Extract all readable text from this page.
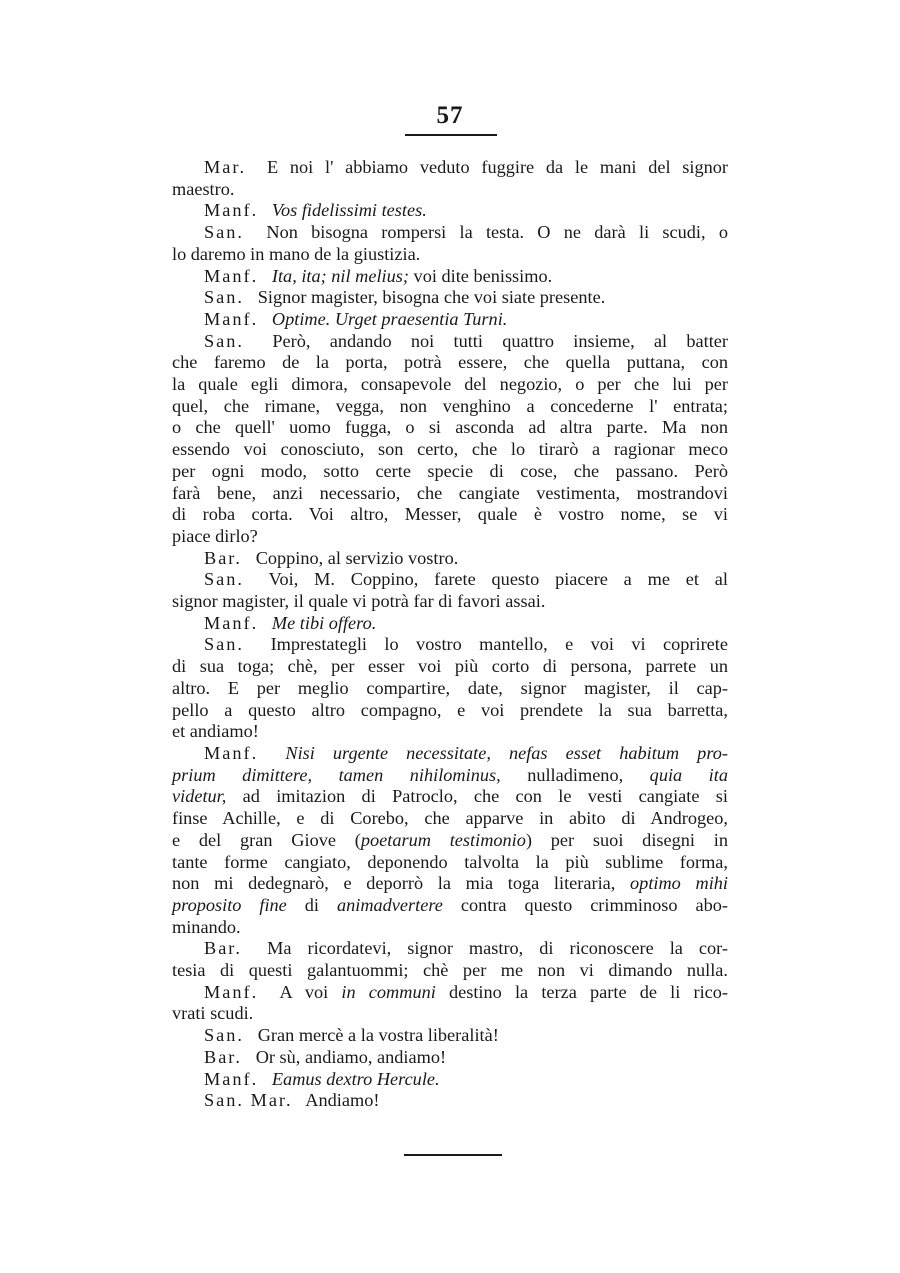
57
Mar.  E noi l' abbiamo veduto fuggire da le mani del signor
maestro.
Manf.  Vos fidelissimi testes.
San.  Non bisogna rompersi la testa. O ne darà li scudi, o
lo daremo in mano de la giustizia.
Manf.  Ita, ita; nil melius; voi dite benissimo.
San.  Signor magister, bisogna che voi siate presente.
Manf.  Optime. Urget praesentia Turni.
San.  Però, andando noi tutti quattro insieme, al batter
che faremo de la porta, potrà essere, che quella puttana, con
la quale egli dimora, consapevole del negozio, o per che lui per
quel, che rimane, vegga, non venghino a concederne l' entrata;
o che quell' uomo fugga, o si asconda ad altra parte. Ma non
essendo voi conosciuto, son certo, che lo tirarò a ragionar meco
per ogni modo, sotto certe specie di cose, che passano. Però
farà bene, anzi necessario, che cangiate vestimenta, mostrandovi
di roba corta. Voi altro, Messer, quale è vostro nome, se vi
piace dirlo?
Bar.  Coppino, al servizio vostro.
San.  Voi, M. Coppino, farete questo piacere a me et al
signor magister, il quale vi potrà far di favori assai.
Manf.  Me tibi offero.
San.  Imprestategli lo vostro mantello, e voi vi coprirete
di sua toga; chè, per esser voi più corto di persona, parrete un
altro. E per meglio compartire, date, signor magister, il cap-
pello a questo altro compagno, e voi prendete la sua barretta,
et andiamo!
Manf.  Nisi urgente necessitate, nefas esset habitum pro-
prium dimittere, tamen nihilominus, nulladimeno, quia ita
videtur, ad imitazion di Patroclo, che con le vesti cangiate si
finse Achille, e di Corebo, che apparve in abito di Androgeo,
e del gran Giove (poetarum testimonio) per suoi disegni in
tante forme cangiato, deponendo talvolta la più sublime forma,
non mi dedegnarò, e deporrò la mia toga literaria, optimo mihi
proposito fine di animadvertere contra questo crimminoso abo-
minando.
Bar.  Ma ricordatevi, signor mastro, di riconoscere la cor-
tesia di questi galantuommi; chè per me non vi dimando nulla.
Manf.  A voi in communi destino la terza parte de li rico-
vrati scudi.
San.  Gran mercè a la vostra liberalità!
Bar.  Or sù, andiamo, andiamo!
Manf.  Eamus dextro Hercule.
San. Mar.  Andiamo!
